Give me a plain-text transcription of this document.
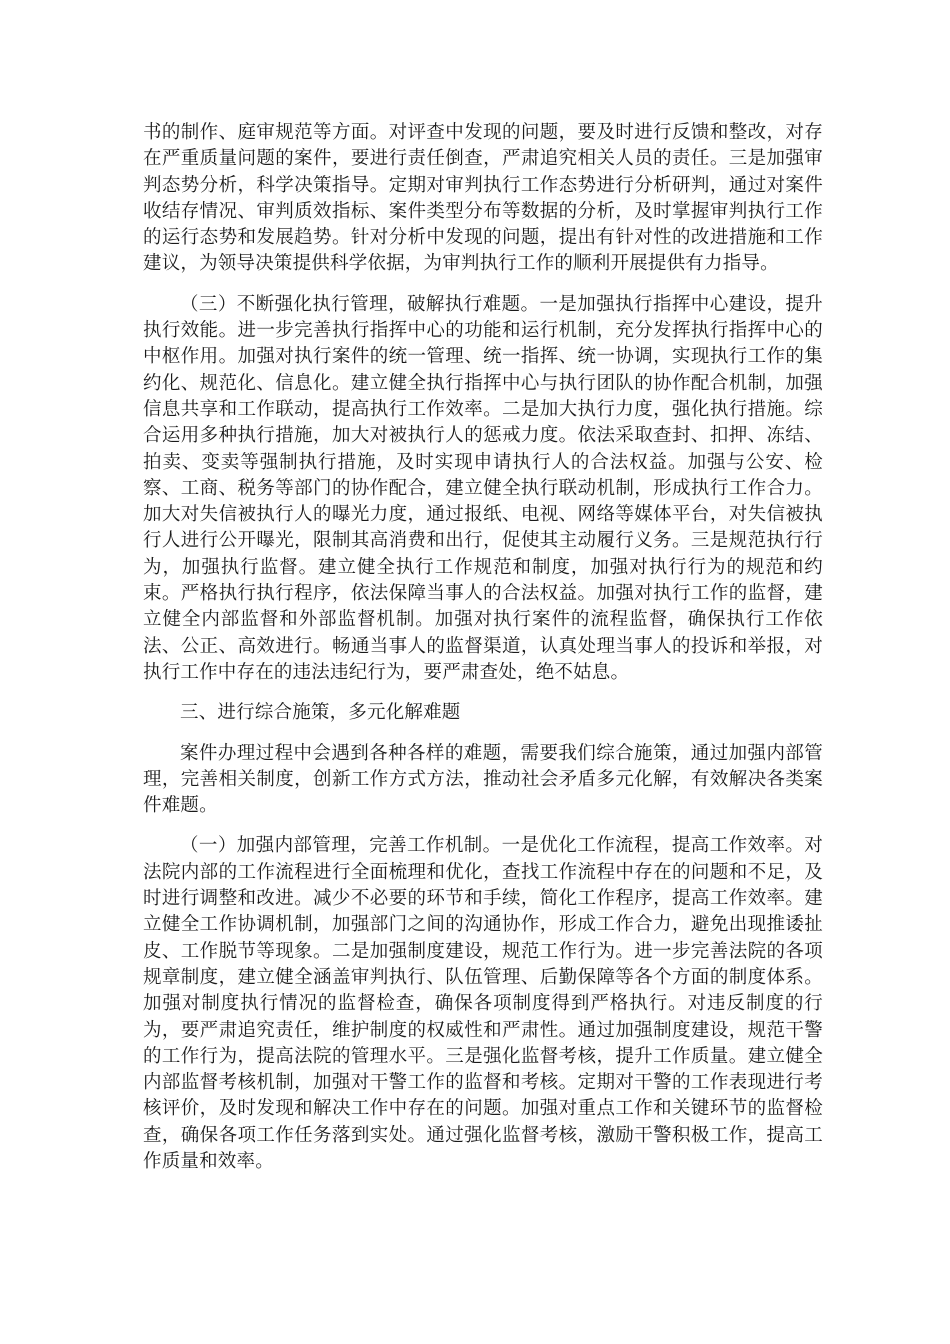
书的制作、庭审规范等方面。对评查中发现的问题，要及时进行反馈和整改，对存在严重质量问题的案件，要进行责任倒查，严肃追究相关人员的责任。三是加强审判态势分析，科学决策指导。定期对审判执行工作态势进行分析研判，通过对案件收结存情况、审判质效指标、案件类型分布等数据的分析，及时掌握审判执行工作的运行态势和发展趋势。针对分析中发现的问题，提出有针对性的改进措施和工作建议，为领导决策提供科学依据，为审判执行工作的顺利开展提供有力指导。

（三）不断强化执行管理，破解执行难题。一是加强执行指挥中心建设，提升执行效能。进一步完善执行指挥中心的功能和运行机制，充分发挥执行指挥中心的中枢作用。加强对执行案件的统一管理、统一指挥、统一协调，实现执行工作的集约化、规范化、信息化。建立健全执行指挥中心与执行团队的协作配合机制，加强信息共享和工作联动，提高执行工作效率。二是加大执行力度，强化执行措施。综合运用多种执行措施，加大对被执行人的惩戒力度。依法采取查封、扣押、冻结、拍卖、变卖等强制执行措施，及时实现申请执行人的合法权益。加强与公安、检察、工商、税务等部门的协作配合，建立健全执行联动机制，形成执行工作合力。加大对失信被执行人的曝光力度，通过报纸、电视、网络等媒体平台，对失信被执行人进行公开曝光，限制其高消费和出行，促使其主动履行义务。三是规范执行行为，加强执行监督。建立健全执行工作规范和制度，加强对执行行为的规范和约束。严格执行执行程序，依法保障当事人的合法权益。加强对执行工作的监督，建立健全内部监督和外部监督机制。加强对执行案件的流程监督，确保执行工作依法、公正、高效进行。畅通当事人的监督渠道，认真处理当事人的投诉和举报，对执行工作中存在的违法违纪行为，要严肃查处，绝不姑息。

三、进行综合施策，多元化解难题

案件办理过程中会遇到各种各样的难题，需要我们综合施策，通过加强内部管理，完善相关制度，创新工作方式方法，推动社会矛盾多元化解，有效解决各类案件难题。

（一）加强内部管理，完善工作机制。一是优化工作流程，提高工作效率。对法院内部的工作流程进行全面梳理和优化，查找工作流程中存在的问题和不足，及时进行调整和改进。减少不必要的环节和手续，简化工作程序，提高工作效率。建立健全工作协调机制，加强部门之间的沟通协作，形成工作合力，避免出现推诿扯皮、工作脱节等现象。二是加强制度建设，规范工作行为。进一步完善法院的各项规章制度，建立健全涵盖审判执行、队伍管理、后勤保障等各个方面的制度体系。加强对制度执行情况的监督检查，确保各项制度得到严格执行。对违反制度的行为，要严肃追究责任，维护制度的权威性和严肃性。通过加强制度建设，规范干警的工作行为，提高法院的管理水平。三是强化监督考核，提升工作质量。建立健全内部监督考核机制，加强对干警工作的监督和考核。定期对干警的工作表现进行考核评价，及时发现和解决工作中存在的问题。加强对重点工作和关键环节的监督检查，确保各项工作任务落到实处。通过强化监督考核，激励干警积极工作，提高工作质量和效率。
